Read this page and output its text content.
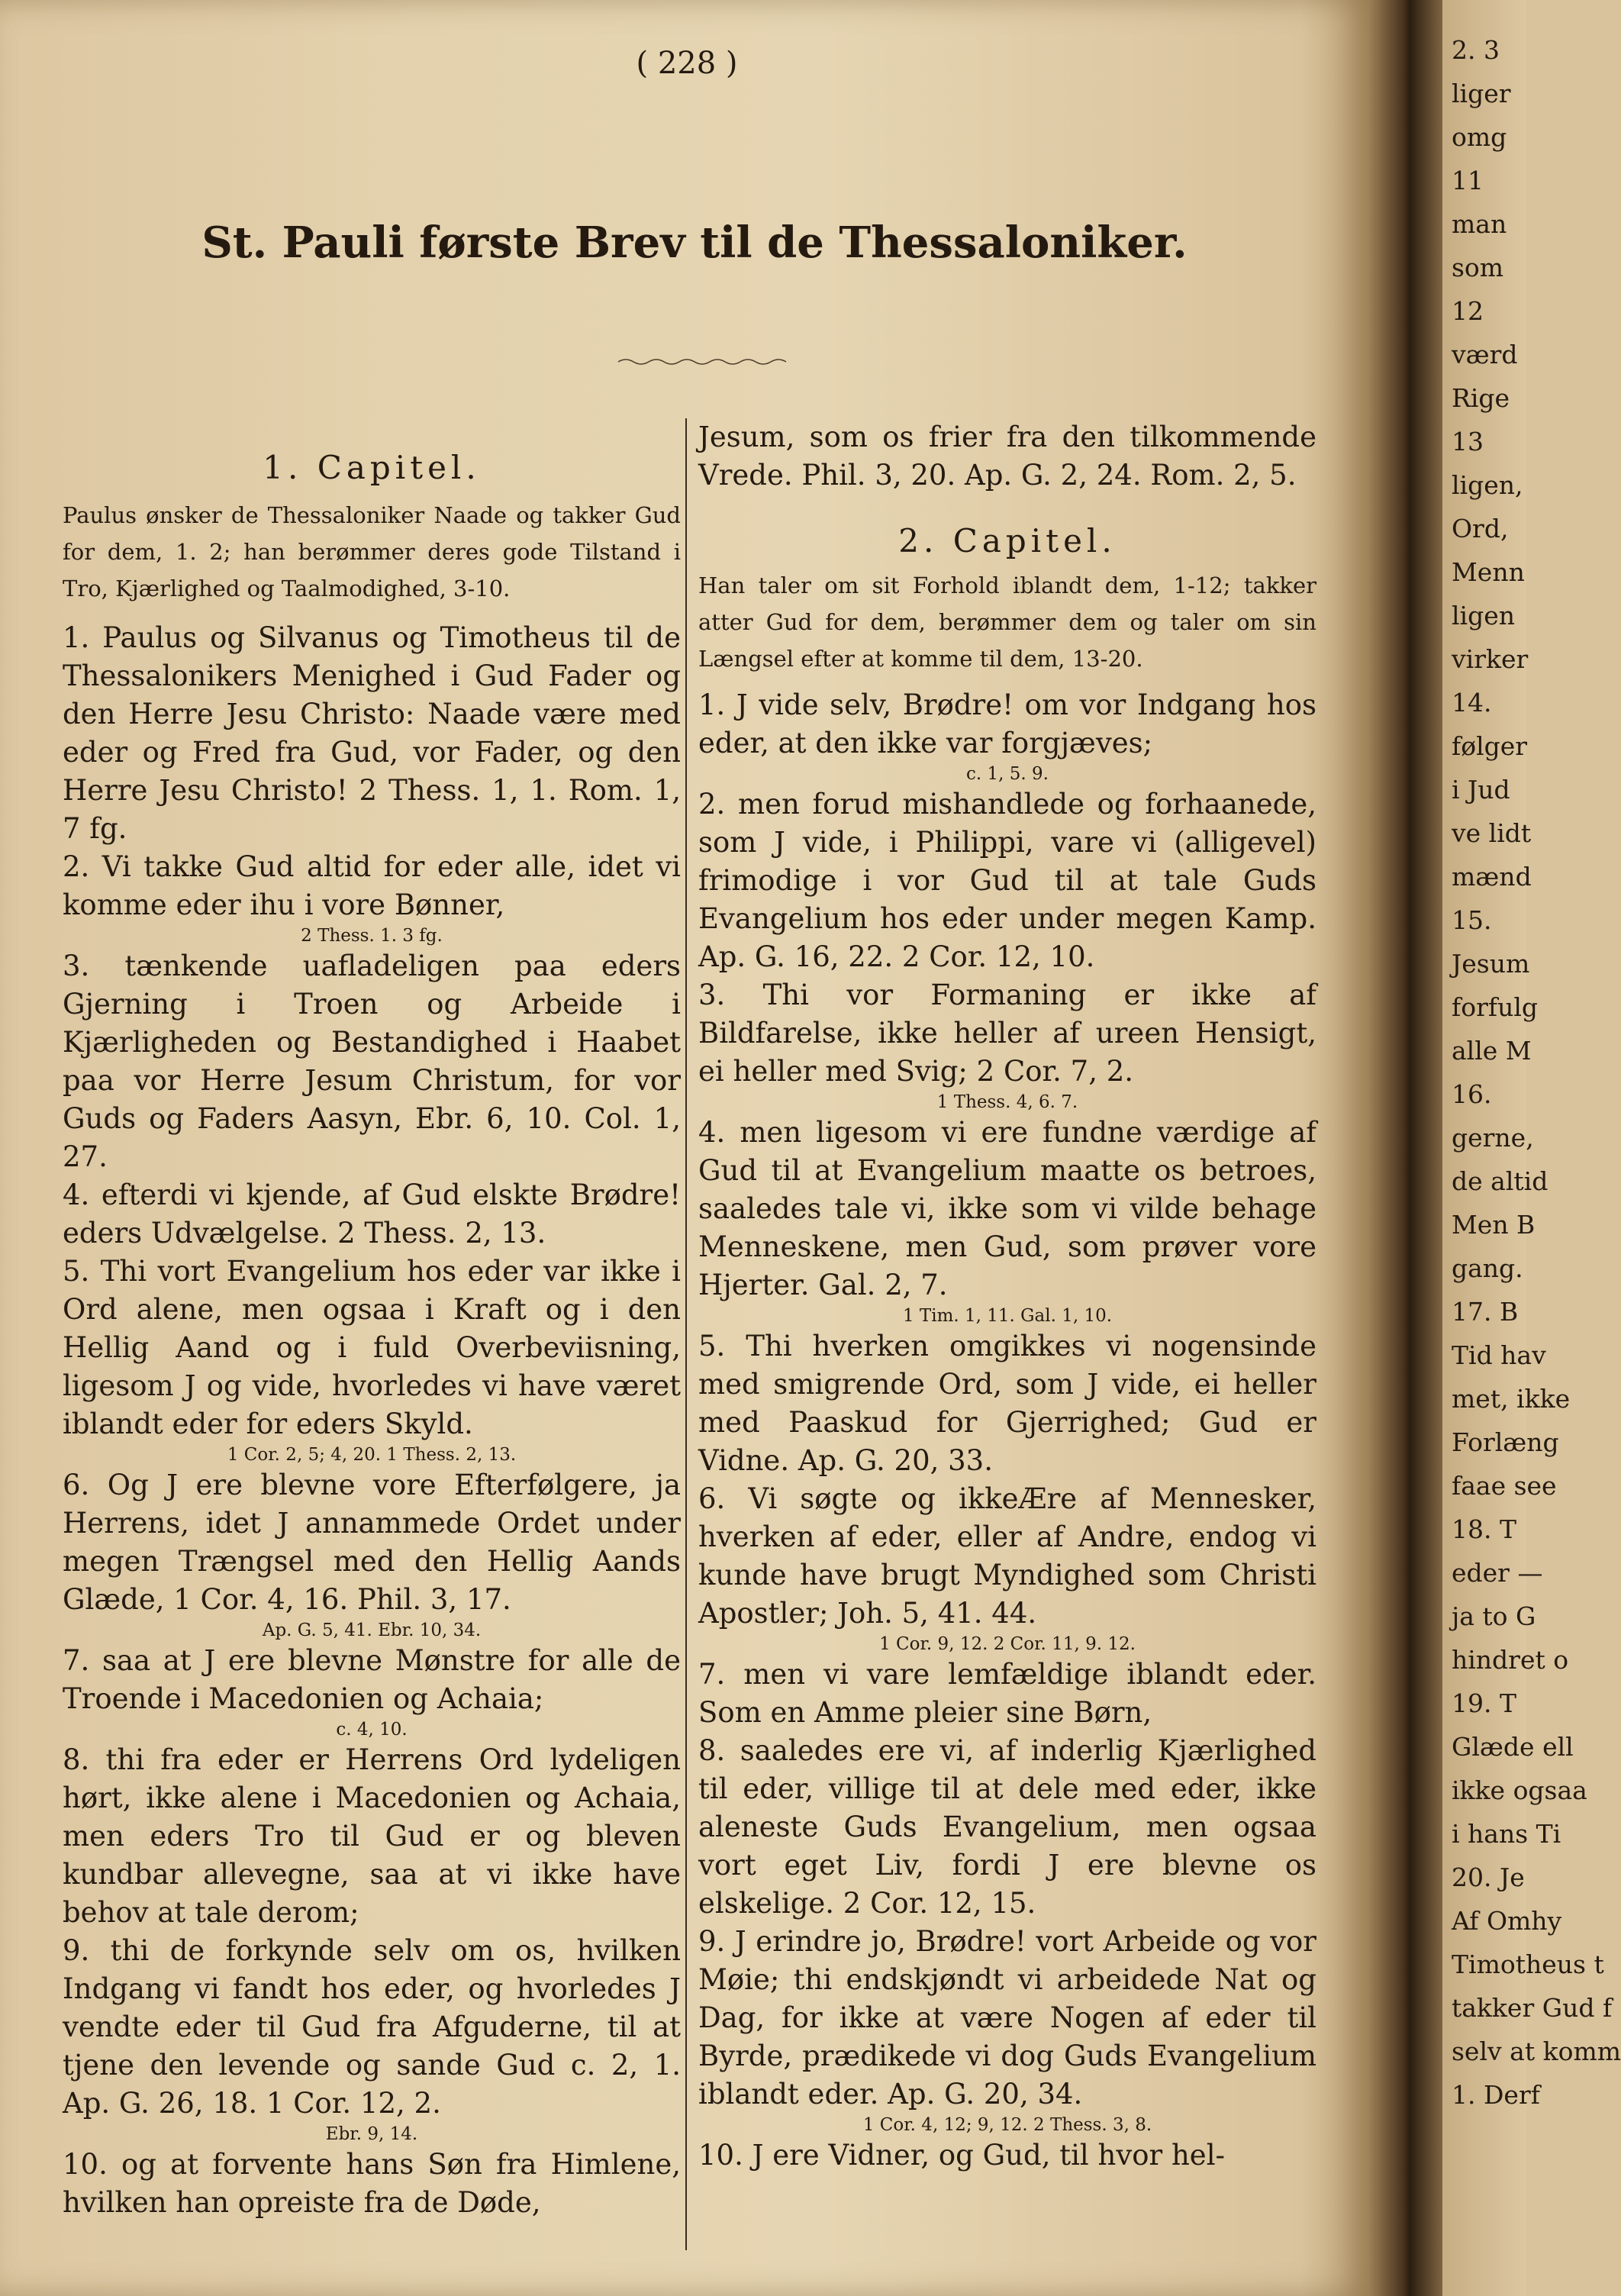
( 228 )
St. Pauli første Brev til de Thessaloniker.

1. Capitel.

Paulus ønsker de Thessaloniker Naade og takker Gud for dem, 1. 2; han berømmer deres gode Tilstand i Tro, Kjærlighed og Taalmodighed, 3-10.

1. Paulus og Silvanus og Timotheus til de Thessalonikers Menighed i Gud Fader og den Herre Jesu Christo: Naade være med eder og Fred fra Gud, vor Fader, og den Herre Jesu Christo! 2 Thess. 1, 1. Rom. 1, 7 fg.

2. Vi takke Gud altid for eder alle, idet vi komme eder ihu i vore Bønner,

2 Thess. 1. 3 fg.

3. tænkende uafladeligen paa eders Gjerning i Troen og Arbeide i Kjærligheden og Bestandighed i Haabet paa vor Herre Jesum Christum, for vor Guds og Faders Aasyn, Ebr. 6, 10. Col. 1, 27.

4. efterdi vi kjende, af Gud elskte Brødre! eders Udvælgelse. 2 Thess. 2, 13.

5. Thi vort Evangelium hos eder var ikke i Ord alene, men ogsaa i Kraft og i den Hellig Aand og i fuld Overbeviisning, ligesom J og vide, hvorledes vi have været iblandt eder for eders Skyld.

1 Cor. 2, 5; 4, 20. 1 Thess. 2, 13.

6. Og J ere blevne vore Efterfølgere, ja Herrens, idet J annammede Ordet under megen Trængsel med den Hellig Aands Glæde, 1 Cor. 4, 16. Phil. 3, 17.

Ap. G. 5, 41. Ebr. 10, 34.

7. saa at J ere blevne Mønstre for alle de Troende i Macedonien og Achaia;

c. 4, 10.

8. thi fra eder er Herrens Ord lydeligen hørt, ikke alene i Macedonien og Achaia, men eders Tro til Gud er og bleven kundbar allevegne, saa at vi ikke have behov at tale derom;

9. thi de forkynde selv om os, hvilken Indgang vi fandt hos eder, og hvorledes J vendte eder til Gud fra Afguderne, til at tjene den levende og sande Gud c. 2, 1. Ap. G. 26, 18. 1 Cor. 12, 2.

Ebr. 9, 14.

10. og at forvente hans Søn fra Himlene, hvilken han opreiste fra de Døde,

Jesum, som os frier fra den tilkommende Vrede. Phil. 3, 20. Ap. G. 2, 24. Rom. 2, 5.

2. Capitel.

Han taler om sit Forhold iblandt dem, 1-12; takker atter Gud for dem, berømmer dem og taler om sin Længsel efter at komme til dem, 13-20.

1. J vide selv, Brødre! om vor Indgang hos eder, at den ikke var forgjæves;

c. 1, 5. 9.

2. men forud mishandlede og forhaanede, som J vide, i Philippi, vare vi (alligevel) frimodige i vor Gud til at tale Guds Evangelium hos eder under megen Kamp. Ap. G. 16, 22. 2 Cor. 12, 10.

3. Thi vor Formaning er ikke af Bildfarelse, ikke heller af ureen Hensigt, ei heller med Svig; 2 Cor. 7, 2.

1 Thess. 4, 6. 7.

4. men ligesom vi ere fundne værdige af Gud til at Evangelium maatte os betroes, saaledes tale vi, ikke som vi vilde behage Menneskene, men Gud, som prøver vore Hjerter. Gal. 2, 7.

1 Tim. 1, 11. Gal. 1, 10.

5. Thi hverken omgikkes vi nogensinde med smigrende Ord, som J vide, ei heller med Paaskud for Gjerrighed; Gud er Vidne. Ap. G. 20, 33.

6. Vi søgte og ikkeÆre af Mennesker, hverken af eder, eller af Andre, endog vi kunde have brugt Myndighed som Christi Apostler; Joh. 5, 41. 44.

1 Cor. 9, 12. 2 Cor. 11, 9. 12.

7. men vi vare lemfældige iblandt eder. Som en Amme pleier sine Børn,

8. saaledes ere vi, af inderlig Kjærlighed til eder, villige til at dele med eder, ikke aleneste Guds Evangelium, men ogsaa vort eget Liv, fordi J ere blevne os elskelige. 2 Cor. 12, 15.

9. J erindre jo, Brødre! vort Arbeide og vor Møie; thi endskjøndt vi arbeidede Nat og Dag, for ikke at være Nogen af eder til Byrde, prædikede vi dog Guds Evangelium iblandt eder. Ap. G. 20, 34.

1 Cor. 4, 12; 9, 12. 2 Thess. 3, 8.

10. J ere Vidner, og Gud, til hvor hel-

2. 3

liger

omg

11

man

som

12

værd

Rige

13

ligen,

Ord,

Menn

ligen

virker

14.

følger

i Jud

ve lidt

mænd

15.

Jesum

forfulg

alle M

16.

gerne,

de altid

Men B

gang.

17. B

Tid hav

met, ikke

Forlæng

faae see

18. T

eder —

ja to G

hindret o

19. T

Glæde ell

ikke ogsaa

i hans Ti

20. Je

Af Omhy

Timotheus t

takker Gud f

selv at komm

1. Derf
